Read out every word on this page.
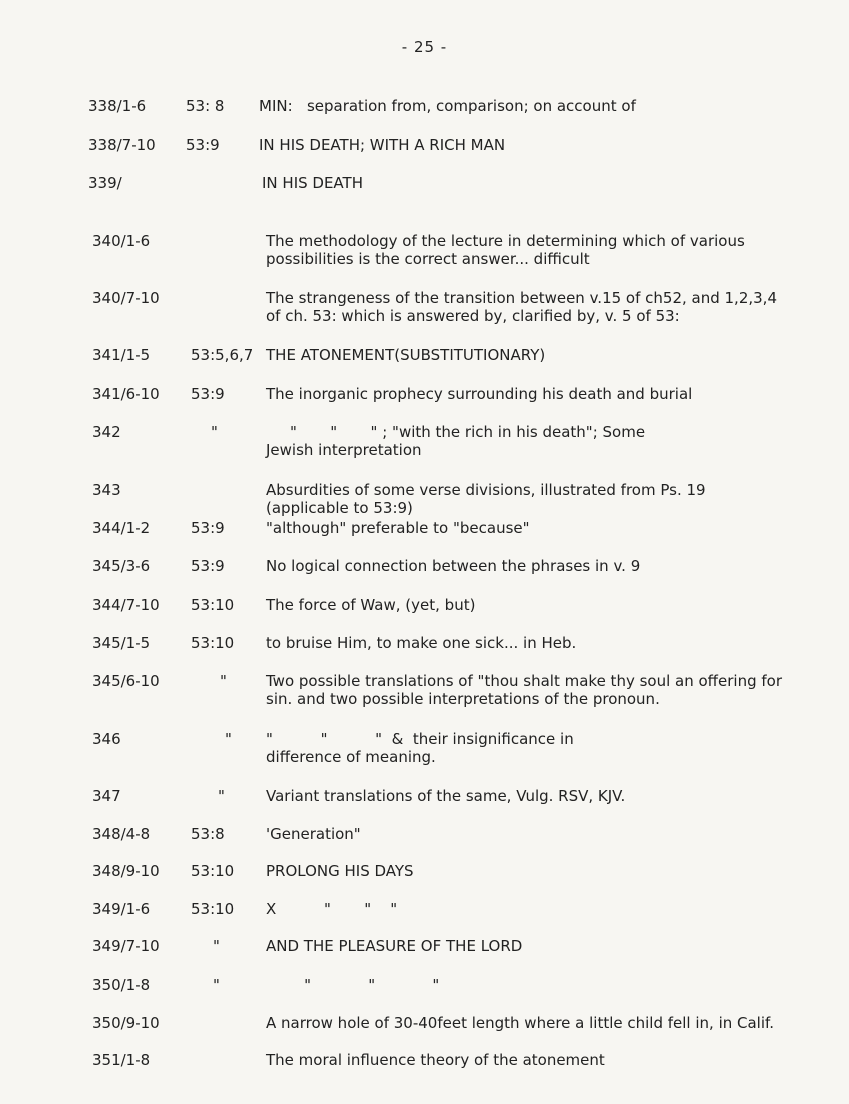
- 25 -
338/1-6	53: 8	MIN:   separation from, comparison; on account of
338/7-10	53:9	IN HIS DEATH; WITH A RICH MAN
339/	IN HIS DEATH
340/1-6	The methodology of the lecture in determining which of various
possibilities is the correct answer... difficult
340/7-10	The strangeness of the transition between v.15 of ch52, and 1,2,3,4
of ch. 53: which is answered by, clarified by, v. 5 of 53:
341/1-5	53:5,6,7 THE ATONEMENT(SUBSTITUTIONARY)
341/6-10	53:9	The inorganic prophecy surrounding his death and burial
342	"	"       "       " ; "with the rich in his death"; Some
Jewish interpretation
343	Absurdities of some verse divisions, illustrated from Ps. 19
(applicable to 53:9)
344/1-2	53:9	"although" preferable to "because"
345/3-6	53:9	No logical connection between the phrases in v. 9
344/7-10	53:10	The force of Waw, (yet, but)
345/1-5	53:10	to bruise Him, to make one sick... in Heb.
345/6-10	"	Two possible translations of "thou shalt make thy soul an offering for
sin. and two possible interpretations of the pronoun.
346	"	"          "          "  &  their insignificance in
difference of meaning.
347	"	Variant translations of the same, Vulg. RSV, KJV.
348/4-8	53:8	'Generation"
348/9-10	53:10	PROLONG HIS DAYS
349/1-6	53:10	X          "       "    "
349/7-10	"	AND THE PLEASURE OF THE LORD
350/1-8	"	"            "            "
350/9-10	A narrow hole of 30-40feet length where a little child fell in, in Calif.
351/1-8	The moral influence theory of the atonement
